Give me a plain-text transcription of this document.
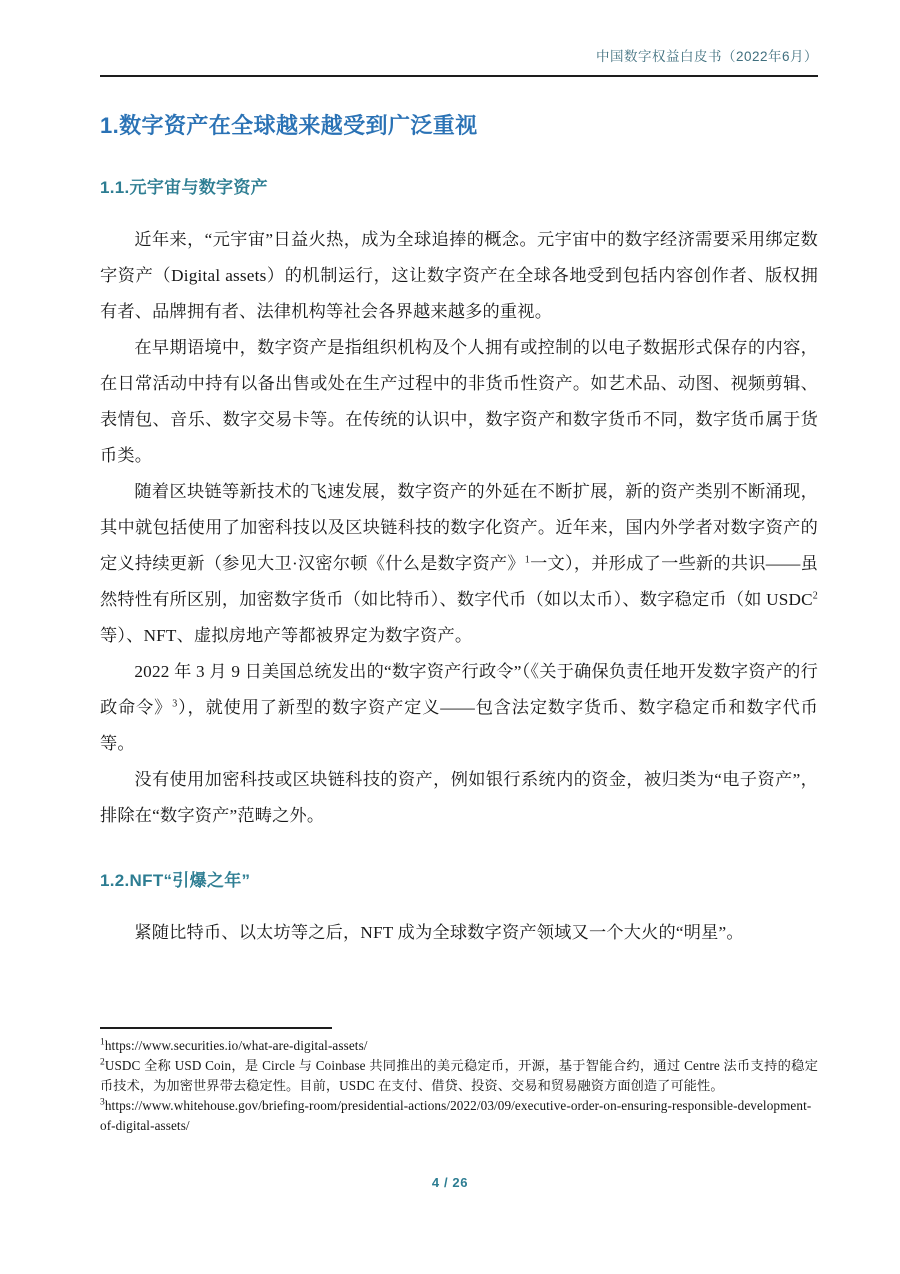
中国数字权益白皮书（2022年6月）
1.数字资产在全球越来越受到广泛重视
1.1.元宇宙与数字资产

近年来，“元宇宙”日益火热，成为全球追捧的概念。元宇宙中的数字经济需要采用绑定数字资产（Digital assets）的机制运行，这让数字资产在全球各地受到包括内容创作者、版权拥有者、品牌拥有者、法律机构等社会各界越来越多的重视。

在早期语境中，数字资产是指组织机构及个人拥有或控制的以电子数据形式保存的内容，在日常活动中持有以备出售或处在生产过程中的非货币性资产。如艺术品、动图、视频剪辑、表情包、音乐、数字交易卡等。在传统的认识中，数字资产和数字货币不同，数字货币属于货币类。

随着区块链等新技术的飞速发展，数字资产的外延在不断扩展，新的资产类别不断涌现，其中就包括使用了加密科技以及区块链科技的数字化资产。近年来，国内外学者对数字资产的定义持续更新（参见大卫·汉密尔顿《什么是数字资产》$^1$一文），并形成了一些新的共识——虽然特性有所区别，加密数字货币（如比特币）、数字代币（如以太币）、数字稳定币（如 USDC$^2$等）、NFT、虚拟房地产等都被界定为数字资产。

2022 年 3 月 9 日美国总统发出的“数字资产行政令”（《关于确保负责任地开发数字资产的行政命令》$^3$），就使用了新型的数字资产定义——包含法定数字货币、数字稳定币和数字代币等。

没有使用加密科技或区块链科技的资产，例如银行系统内的资金，被归类为“电子资产”，排除在“数字资产”范畴之外。

1.2.NFT“引爆之年”

紧随比特币、以太坊等之后，NFT 成为全球数字资产领域又一个大火的“明星”。

$^1$https://www.securities.io/what-are-digital-assets/

$^2$USDC 全称 USD Coin，是 Circle 与 Coinbase 共同推出的美元稳定币，开源，基于智能合约，通过 Centre 法币支持的稳定币技术，为加密世界带去稳定性。目前，USDC 在支付、借贷、投资、交易和贸易融资方面创造了可能性。

$^3$https://www.whitehouse.gov/briefing-room/presidential-actions/2022/03/09/executive-order-on-ensuring-responsible-development-of-digital-assets/

4 / 26
